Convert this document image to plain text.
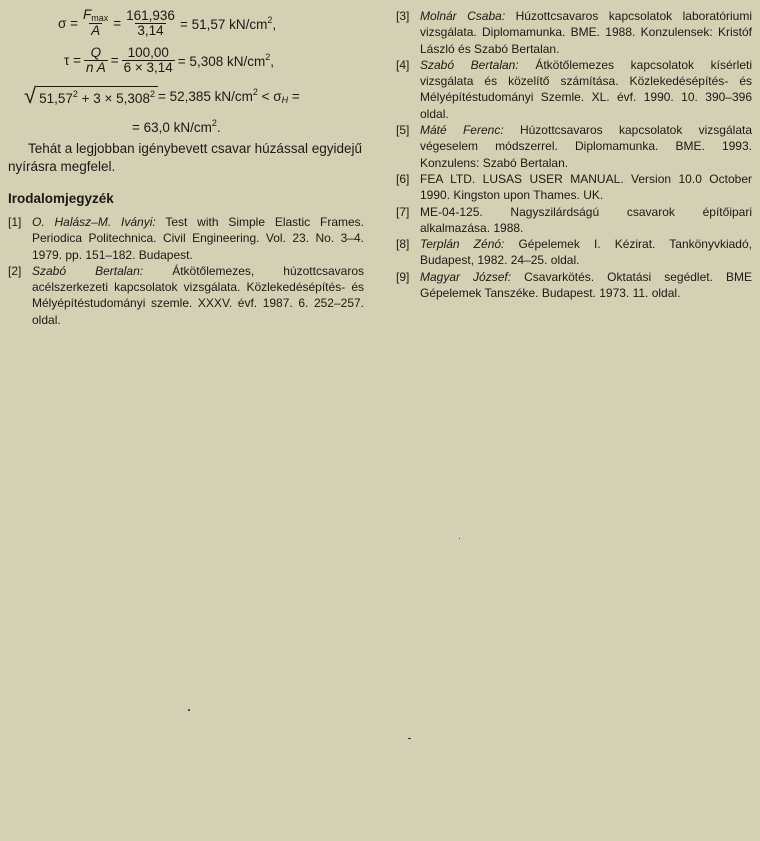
$\sigma = \frac{F_{max}}{A} = \frac{161,936}{3,14} = 51,57$ $kN/cm^2$,
$\tau = \frac{Q}{\text{n A}} = \frac{100,00}{6 \times 3,14} = 5,308$ $kN/cm^2$,
√ $51,57^2 + 3 \times 5,308^2 = 52,385$ $kN/cm^2 < \sigma_H$ =
= 63,0 $kN/cm^2$.

Tehát a legjobban igénybevett csavar húzással egyidejű nyírásra megfelel.

Irodalomjegyzék
[1] O. Halász–M. Iványi: Test with Simple Elastic Frames. Periodica Politechnica. Civil Engineering. Vol. 23. No. 3–4. 1979. pp. 151–182. Budapest.
[2] Szabó Bertalan: Átkötőlemezes, húzottcsavaros acélszerkezeti kapcsolatok vizsgálata. Közlekedésépítés- és Mélyépítéstudományi szemle. XXXV. évf. 1987. 6. 252–257. oldal.
[3] Molnár Csaba: Húzottcsavaros kapcsolatok laboratóriumi vizsgálata. Diplomamunka. BME. 1988. Konzulensek: Kristóf László és Szabó Bertalan.
[4] Szabó Bertalan: Átkötőlemezes kapcsolatok kísérleti vizsgálata és közelítő számítása. Közlekedésépítés- és Mélyépítéstudományi Szemle. XL. évf. 1990. 10. 390–396 oldal.
[5] Máté Ferenc: Húzottcsavaros kapcsolatok vizsgálata végeselem módszerrel. Diplomamunka. BME. 1993. Konzulens: Szabó Bertalan.
[6] FEA LTD. LUSAS USER MANUAL. Version 10.0 October 1990. Kingston upon Thames. UK.
[7] ME-04-125. Nagyszilárdságú csavarok építőipari alkalmazása. 1988.
[8] Terplán Zénó: Gépelemek I. Kézirat. Tankönyvkiadó, Budapest, 1982. 24–25. oldal.
[9] Magyar József: Csavarkötés. Oktatási segédlet. BME Gépelemek Tanszéke. Budapest. 1973. 11. oldal.
